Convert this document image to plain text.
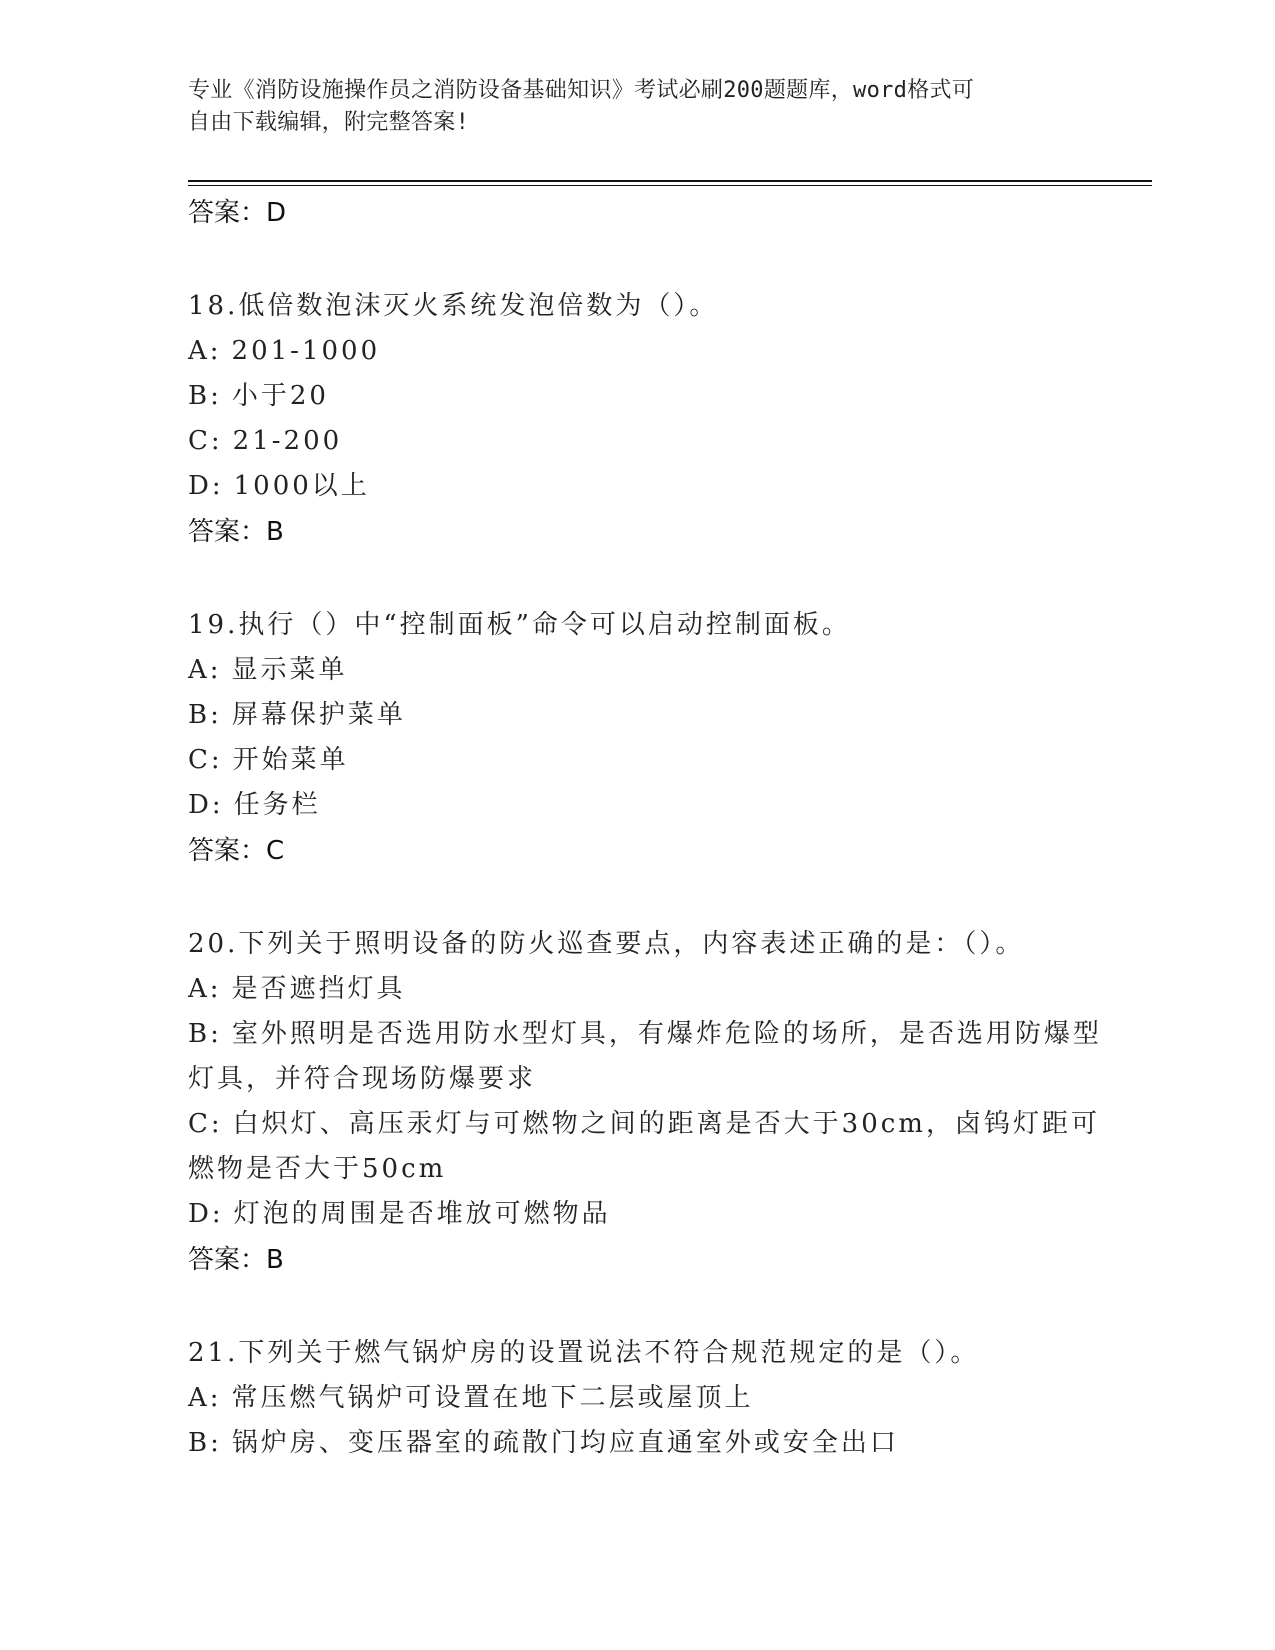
专业《消防设施操作员之消防设备基础知识》考试必刷200题题库，word格式可
自由下载编辑，附完整答案!
答案：D
18.低倍数泡沫灭火系统发泡倍数为（）。
A: 201-1000
B: 小于20
C: 21-200
D: 1000以上
答案：B
19.执行（）中“控制面板”命令可以启动控制面板。
A: 显示菜单
B: 屏幕保护菜单
C: 开始菜单
D: 任务栏
答案：C
20.下列关于照明设备的防火巡查要点，内容表述正确的是：（）。
A: 是否遮挡灯具
B: 室外照明是否选用防水型灯具，有爆炸危险的场所，是否选用防爆型灯具，并符合现场防爆要求
C: 白炽灯、高压汞灯与可燃物之间的距离是否大于30cm，卤钨灯距可燃物是否大于50cm
D: 灯泡的周围是否堆放可燃物品
答案：B
21.下列关于燃气锅炉房的设置说法不符合规范规定的是（）。
A: 常压燃气锅炉可设置在地下二层或屋顶上
B: 锅炉房、变压器室的疏散门均应直通室外或安全出口
